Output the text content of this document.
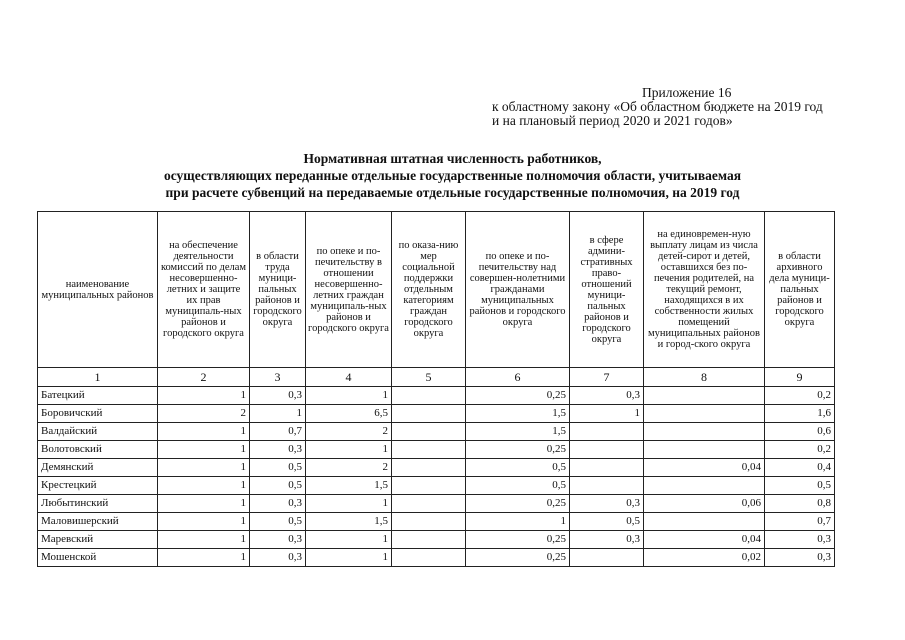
Приложение 16
к областному закону «Об областном бюджете на 2019 год
и на плановый период 2020 и 2021 годов»
Нормативная штатная численность работников,
осуществляющих переданные отдельные государственные полномочия области, учитываемая
при расчете субвенций на передаваемые отдельные государственные полномочия, на 2019 год
наименование муниципальных районов	на обеспечение деятельности комиссий по делам несовершенно-летних и защите их прав муниципаль-ных районов и городского округа	в области труда муници-пальных районов и городского округа	по опеке и по-печительству в отношении несовершенно-летних граждан муниципаль-ных районов и городского округа	по оказа-нию мер социальной поддержки отдельным категориям граждан городского округа	по опеке и по-печительству над совершен-нолетними гражданами муниципальных районов и городского округа	в сфере админи-стративных право-отношений муници-пальных районов и городского округа	на единовремен-ную выплату лицам из числа детей-сирот и детей, оставшихся без по-печения родителей, на текущий ремонт, находящихся в их собственности жилых помещений муниципальных районов и город-ского округа	в области архивного дела муници-пальных районов и городского округа
1	2	3	4	5	6	7	8	9
Батецкий	1	0,3	1		0,25	0,3		0,2
Боровичский	2	1	6,5		1,5	1		1,6
Валдайский	1	0,7	2		1,5			0,6
Волотовский	1	0,3	1		0,25			0,2
Демянский	1	0,5	2		0,5		0,04	0,4
Крестецкий	1	0,5	1,5		0,5			0,5
Любытинский	1	0,3	1		0,25	0,3	0,06	0,8
Маловишерский	1	0,5	1,5		1	0,5		0,7
Маревский	1	0,3	1		0,25	0,3	0,04	0,3
Мошенской	1	0,3	1		0,25		0,02	0,3
